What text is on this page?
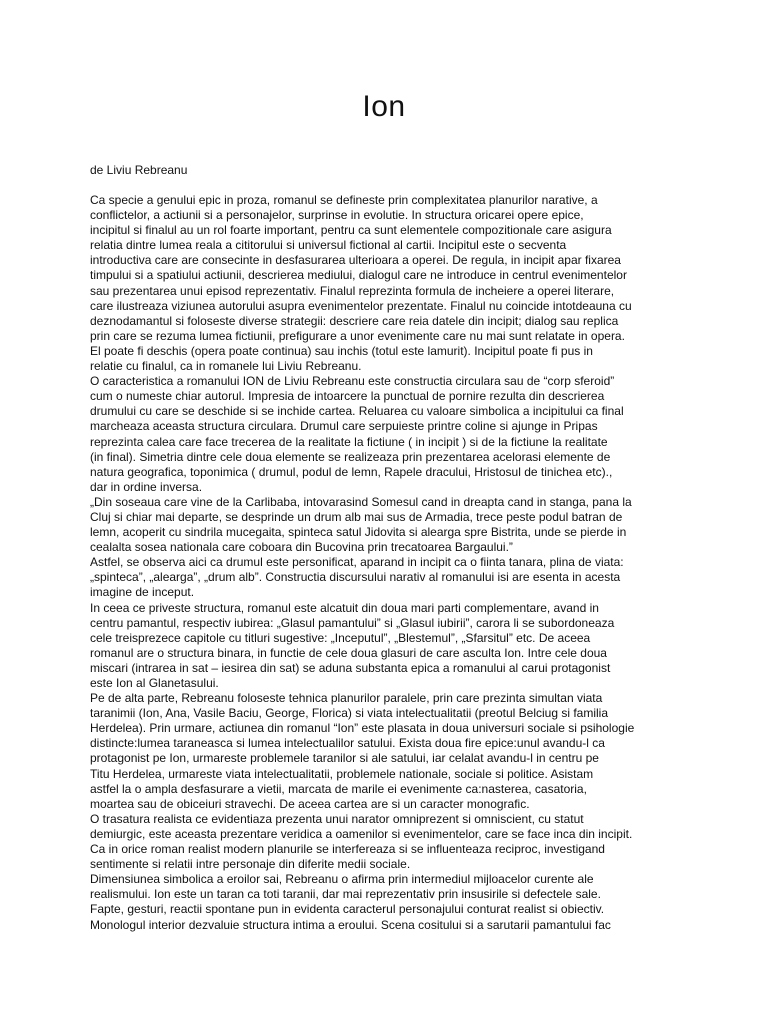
Ion

de Liviu Rebreanu

Ca specie a genului epic in proza, romanul se defineste prin complexitatea planurilor narative, a
conflictelor, a actiunii si a personajelor, surprinse in evolutie. In structura oricarei opere epice,
incipitul si finalul au un rol foarte important, pentru ca sunt elementele compozitionale care asigura
relatia dintre lumea reala a cititorului si universul fictional al cartii. Incipitul este o secventa
introductiva care are consecinte in desfasurarea ulterioara a operei. De regula, in incipit apar fixarea
timpului si a spatiului actiunii, descrierea mediului, dialogul care ne introduce in centrul evenimentelor
sau prezentarea unui episod reprezentativ. Finalul reprezinta formula de incheiere a operei literare,
care ilustreaza viziunea autorului asupra evenimentelor prezentate. Finalul nu coincide intotdeauna cu
deznodamantul si foloseste diverse strategii: descriere care reia datele din incipit; dialog sau replica
prin care se rezuma lumea fictiunii, prefigurare a unor evenimente care nu mai sunt relatate in opera.
El poate fi deschis (opera poate continua) sau inchis (totul este lamurit). Incipitul poate fi pus in
relatie cu finalul, ca in romanele lui Liviu Rebreanu.
O caracteristica a romanului ION de Liviu Rebreanu este constructia circulara sau de “corp sferoid”
cum o numeste chiar autorul. Impresia de intoarcere la punctual de pornire rezulta din descrierea
drumului cu care se deschide si se inchide cartea. Reluarea cu valoare simbolica a incipitului ca final
marcheaza aceasta structura circulara. Drumul care serpuieste printre coline si ajunge in Pripas
reprezinta calea care face trecerea de la realitate la fictiune ( in incipit ) si de la fictiune la realitate
(in final). Simetria dintre cele doua elemente se realizeaza prin prezentarea acelorasi elemente de
natura geografica, toponimica ( drumul, podul de lemn, Rapele dracului, Hristosul de tinichea etc).,
dar in ordine inversa.
„Din soseaua care vine de la Carlibaba, intovarasind Somesul cand in dreapta cand in stanga, pana la
Cluj si chiar mai departe, se desprinde un drum alb mai sus de Armadia, trece peste podul batran de
lemn, acoperit cu sindrila mucegaita, spinteca satul Jidovita si alearga spre Bistrita, unde se pierde in
cealalta sosea nationala care coboara din Bucovina prin trecatoarea Bargaului.”
Astfel, se observa aici ca drumul este personificat, aparand in incipit ca o fiinta tanara, plina de viata:
„spinteca”, „alearga”, „drum alb”. Constructia discursului narativ al romanului isi are esenta in acesta
imagine de inceput.
In ceea ce priveste structura, romanul este alcatuit din doua mari parti complementare, avand in
centru pamantul, respectiv iubirea: „Glasul pamantului” si „Glasul iubirii”, carora li se subordoneaza
cele treisprezece capitole cu titluri sugestive: „Inceputul”, „Blestemul”, „Sfarsitul” etc. De aceea
romanul are o structura binara, in functie de cele doua glasuri de care asculta Ion. Intre cele doua
miscari (intrarea in sat – iesirea din sat) se aduna substanta epica a romanului al carui protagonist
este Ion al Glanetasului.
Pe de alta parte, Rebreanu foloseste tehnica planurilor paralele, prin care prezinta simultan viata
taranimii (Ion, Ana, Vasile Baciu, George, Florica) si viata intelectualitatii (preotul Belciug si familia
Herdelea). Prin urmare, actiunea din romanul “Ion” este plasata in doua universuri sociale si psihologie
distincte:lumea taraneasca si lumea intelectualilor satului. Exista doua fire epice:unul avandu-l ca
protagonist pe Ion, urmareste problemele taranilor si ale satului, iar celalat avandu-l in centru pe
Titu Herdelea, urmareste viata intelectualitatii, problemele nationale, sociale si politice. Asistam
astfel la o ampla desfasurare a vietii, marcata de marile ei evenimente ca:nasterea, casatoria,
moartea sau de obiceiuri stravechi. De aceea cartea are si un caracter monografic.
O trasatura realista ce evidentiaza prezenta unui narator omniprezent si omniscient, cu statut
demiurgic, este aceasta prezentare veridica a oamenilor si evenimentelor, care se face inca din incipit.
Ca in orice roman realist modern planurile se interfereaza si se influenteaza reciproc, investigand
sentimente si relatii intre personaje din diferite medii sociale.
Dimensiunea simbolica a eroilor sai, Rebreanu o afirma prin intermediul mijloacelor curente ale
realismului. Ion este un taran ca toti taranii, dar mai reprezentativ prin insusirile si defectele sale.
Fapte, gesturi, reactii spontane pun in evidenta caracterul personajului conturat realist si obiectiv.
Monologul interior dezvaluie structura intima a eroului. Scena cositului si a sarutarii pamantului fac
